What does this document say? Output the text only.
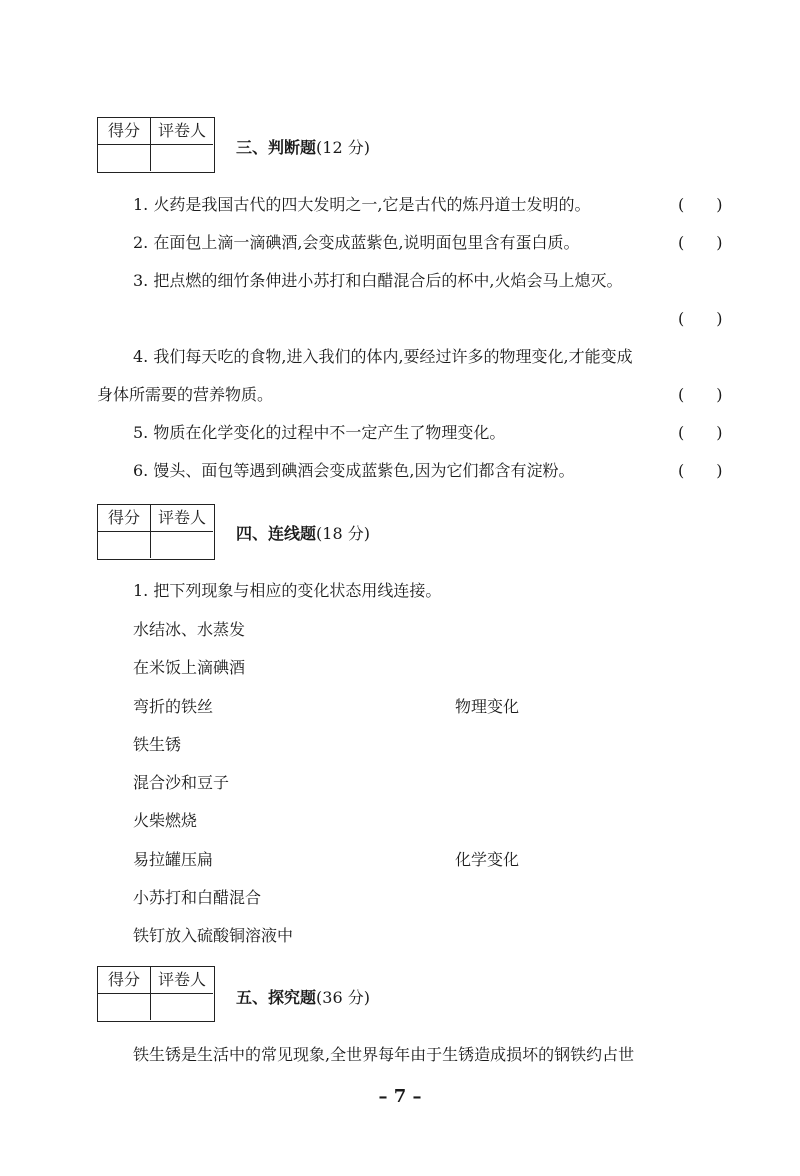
得分	评卷人
三、判断题(12 分)
1. 火药是我国古代的四大发明之一,它是古代的炼丹道士发明的。	(　　)
2. 在面包上滴一滴碘酒,会变成蓝紫色,说明面包里含有蛋白质。	(　　)
3. 把点燃的细竹条伸进小苏打和白醋混合后的杯中,火焰会马上熄灭。
(　　)
4. 我们每天吃的食物,进入我们的体内,要经过许多的物理变化,才能变成
身体所需要的营养物质。	(　　)
5. 物质在化学变化的过程中不一定产生了物理变化。	(　　)
6. 馒头、面包等遇到碘酒会变成蓝紫色,因为它们都含有淀粉。	(　　)
得分	评卷人
四、连线题(18 分)
1. 把下列现象与相应的变化状态用线连接。
水结冰、水蒸发
在米饭上滴碘酒
弯折的铁丝
铁生锈
混合沙和豆子
火柴燃烧
易拉罐压扁
小苏打和白醋混合
铁钉放入硫酸铜溶液中
物理变化
化学变化
得分	评卷人
五、探究题(36 分)
铁生锈是生活中的常见现象,全世界每年由于生锈造成损坏的钢铁约占世
– 7 –
